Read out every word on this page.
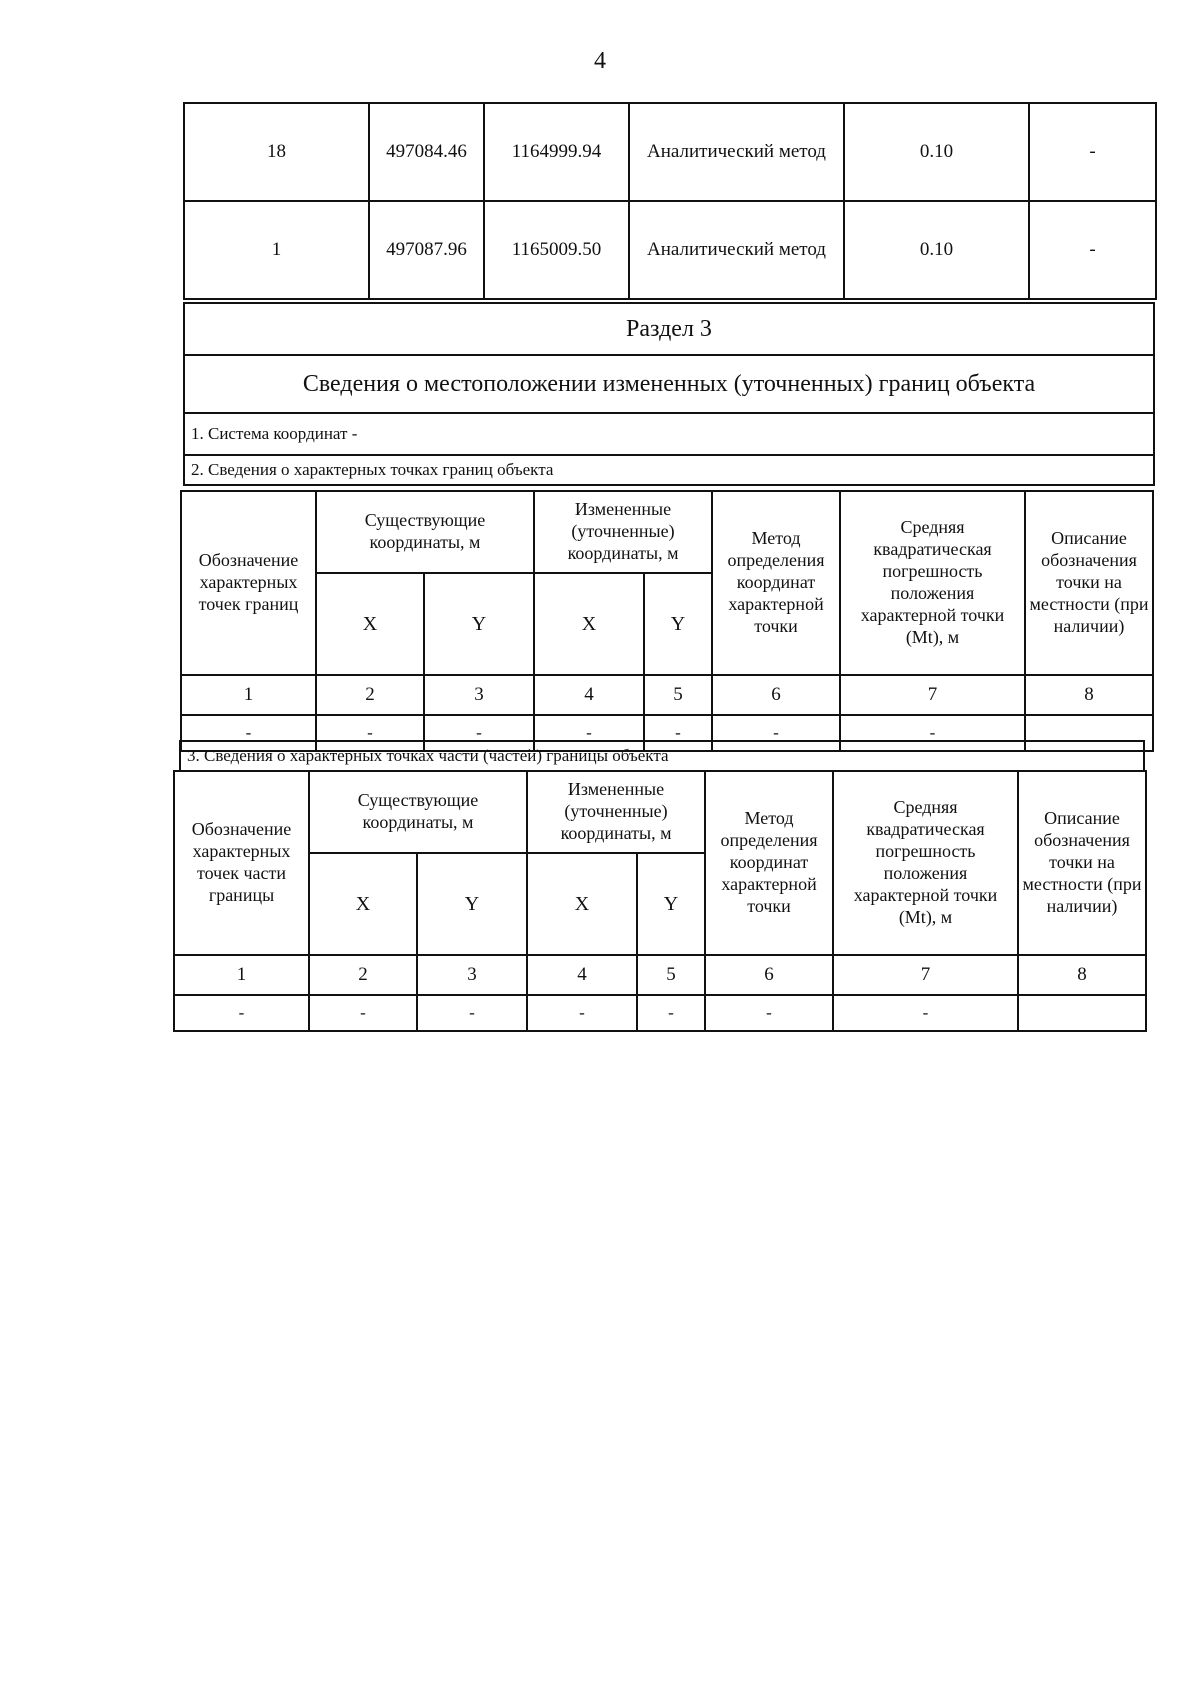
4
18	497084.46	1164999.94	Аналитический метод	0.10	-
1	497087.96	1165009.50	Аналитический метод	0.10	-
Раздел 3
Сведения о местоположении измененных (уточненных) границ объекта
1. Система координат -
2. Сведения о характерных точках границ объекта
Обозначение характерных точек границ	Существующие координаты, м		Измененные (уточненные) координаты, м		Метод определения координат характерной точки	Средняя квадратическая погрешность положения характерной точки (Mt), м	Описание обозначения точки на местности (при наличии)
	X	Y	X	Y			
1	2	3	4	5	6	7	8
-	-	-	-	-	-	-	
3. Сведения о характерных точках части (частей) границы объекта
Обозначение характерных точек части границы	Существующие координаты, м		Измененные (уточненные) координаты, м		Метод определения координат характерной точки	Средняя квадратическая погрешность положения характерной точки (Mt), м	Описание обозначения точки на местности (при наличии)
	X	Y	X	Y			
1	2	3	4	5	6	7	8
-	-	-	-	-	-	-	
